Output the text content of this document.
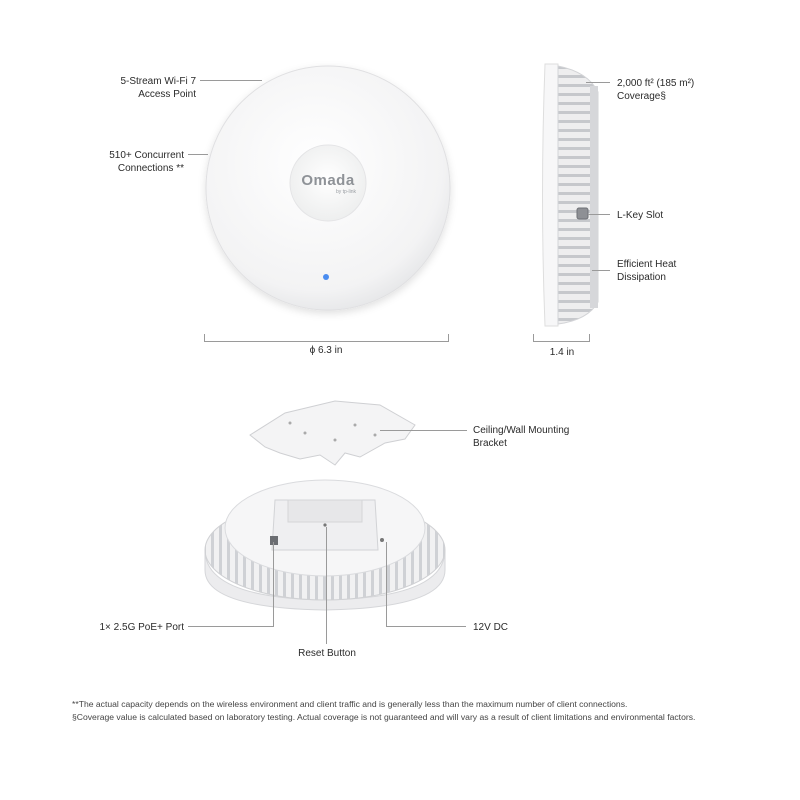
Omada
by tp-link
5-Stream Wi-Fi 7
Access Point
510+ Concurrent
Connections **
2,000 ft² (185 m²)
Coverage§
L-Key Slot
Efficient Heat
Dissipation
ϕ 6.3 in	1.4 in
Ceiling/Wall Mounting
Bracket
1× 2.5G PoE+ Port
Reset Button
12V DC
**The actual capacity depends on the wireless environment and client traffic and is generally less than the maximum number of client connections.
§Coverage value is calculated based on laboratory testing. Actual coverage is not guaranteed and will vary as a result of client limitations and environmental factors.
